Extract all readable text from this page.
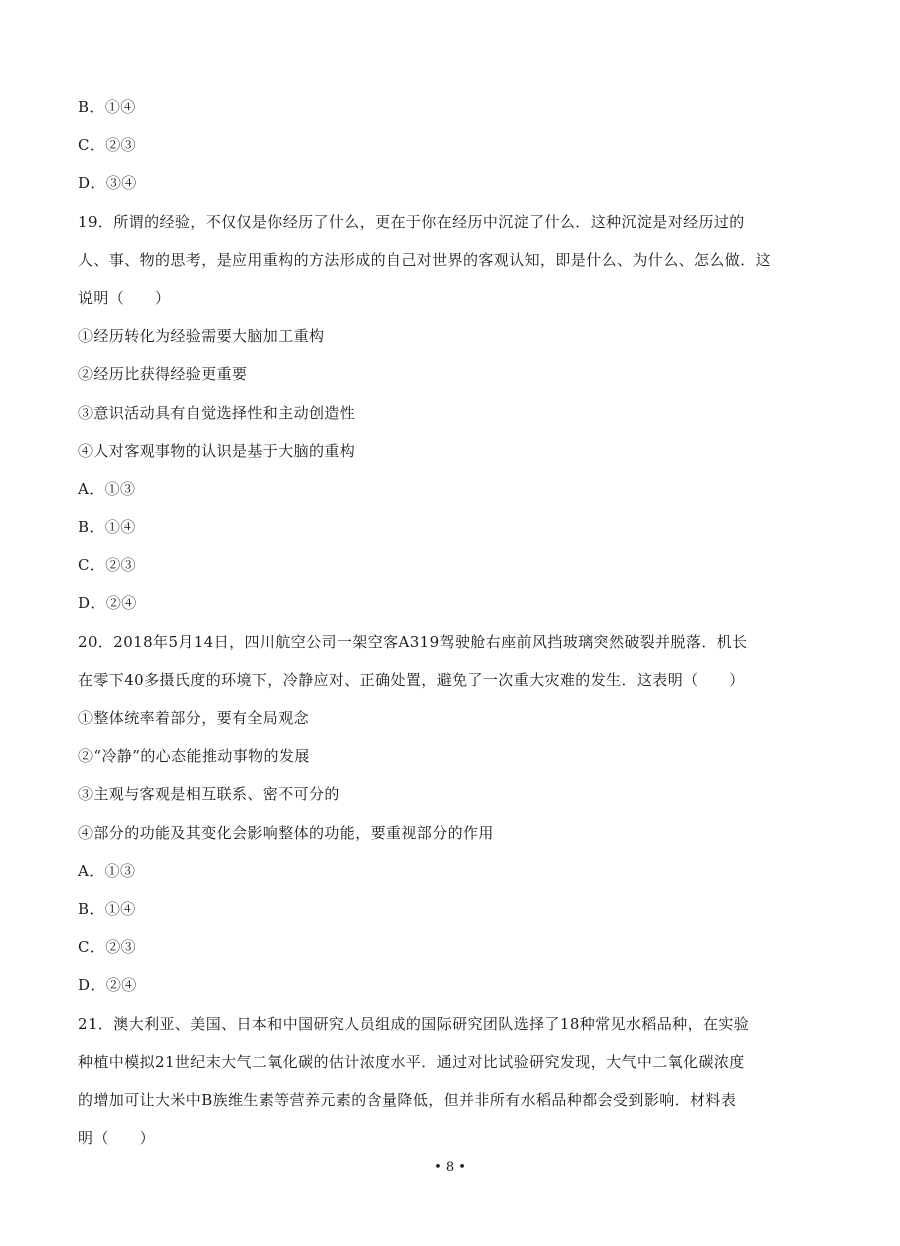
B．①④
C．②③
D．③④
19．所谓的经验，不仅仅是你经历了什么，更在于你在经历中沉淀了什么．这种沉淀是对经历过的
人、事、物的思考，是应用重构的方法形成的自己对世界的客观认知，即是什么、为什么、怎么做．这
说明（　　）
①经历转化为经验需要大脑加工重构
②经历比获得经验更重要
③意识活动具有自觉选择性和主动创造性
④人对客观事物的认识是基于大脑的重构
A．①③
B．①④
C．②③
D．②④
20．2018年5月14日，四川航空公司一架空客A319驾驶舱右座前风挡玻璃突然破裂并脱落．机长
在零下40多摄氏度的环境下，冷静应对、正确处置，避免了一次重大灾难的发生．这表明（　　）
①整体统率着部分，要有全局观念
②“冷静”的心态能推动事物的发展
③主观与客观是相互联系、密不可分的
④部分的功能及其变化会影响整体的功能，要重视部分的作用
A．①③
B．①④
C．②③
D．②④
21．澳大利亚、美国、日本和中国研究人员组成的国际研究团队选择了18种常见水稻品种，在实验
种植中模拟21世纪末大气二氧化碳的估计浓度水平．通过对比试验研究发现，大气中二氧化碳浓度
的增加可让大米中B族维生素等营养元素的含量降低，但并非所有水稻品种都会受到影响．材料表
明（　　）
• 8 •
